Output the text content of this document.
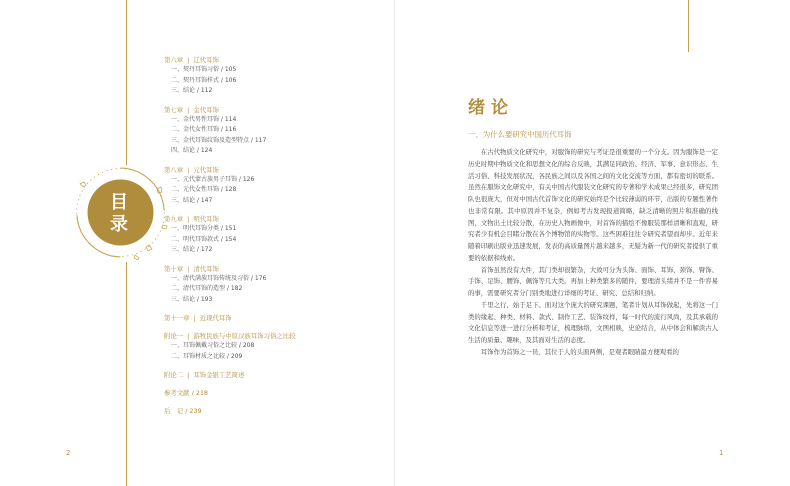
目
录
第六章 | 辽代耳饰
一、契丹耳饰习俗 / 105
二、契丹耳饰样式 / 106
三、结论 / 112
第七章 | 金代耳饰
一、金代男性耳饰 / 114
二、金代女性耳饰 / 116
三、金代耳饰纹饰及造型特点 / 117
四、结论 / 124
第八章 | 元代耳饰
一、元代蒙古族男子耳饰 / 126
二、元代女性耳饰 / 128
三、结论 / 147
第九章 | 明代耳饰
一、明代耳饰分类 / 151
二、明代耳饰款式 / 154
三、结论 / 172
第十章 | 清代耳饰
一、清代满族耳饰传统及习俗 / 176
二、清代耳饰的造型 / 182
三、结论 / 193
第十一章 | 近现代耳饰
附论一 | 游牧民族与中原汉族耳饰习俗之比较
一、耳饰佩戴习俗之比较 / 208
二、耳饰材质之比较 / 209
附论二 | 耳饰金银工艺简述
参考文献 / 218
后　记 / 239
2
绪论
一、为什么要研究中国历代耳饰

在古代物质文化研究中，对服饰的研究与考证是很重要的一个分支。因为服饰是一定历史时期中物质文化和思想文化的综合反映，其满足同政治、经济、军事、意识形态、生活习俗、科技发展状况，各民族之间以及各国之间的文化交流等方面，都有密切的联系。虽然在服饰文化研究中，有关中国古代服装文化研究的专著和学术成果已经很多，研究团队也很庞大，但对中国古代首饰文化的研究始终是个比较薄弱的环节，出版的专题性著作也非常有限。其中原因并不复杂，例如考古发现报道简略，缺乏清晰的照片和准确的线图，文物出土比较分散，在历史人物画像中，对首饰的描绘不像服装那样清晰和直观，研究者少有机会目睹分散在各个博物馆的实物等。这些困难往往令研究者望而却步。近年来随着印刷出版业迅速发展，发表的高质量图片越来越多，无疑为新一代的研究者提供了重要的依据和线索。

首饰虽然没有大件，其门类却很繁杂，大致可分为头饰、面饰、耳饰、颈饰、臂饰、手饰、足饰、腰饰、佩饰等几大类。再加上种类繁多的随件，要理清头绪并不是一件容易的事，需要研究者分门别类地进行详细的考证、研究、总结和归纳。

千里之行，始于足下。面对这个庞大的研究课题，笔者计划从耳饰做起，先将这一门类的缘起、种类、材料、款式、制作工艺、装饰纹样，每一时代的流行风尚，及其承载的文化信息等进一进行分析和考证，梳理脉络，文图相映，史论结合，从中体会和解读古人生活的质量、趣味，及其面对生活的态度。

耳饰作为首饰之一员，其位于人的头面两侧，是观者眼睛最方便观看的

1
